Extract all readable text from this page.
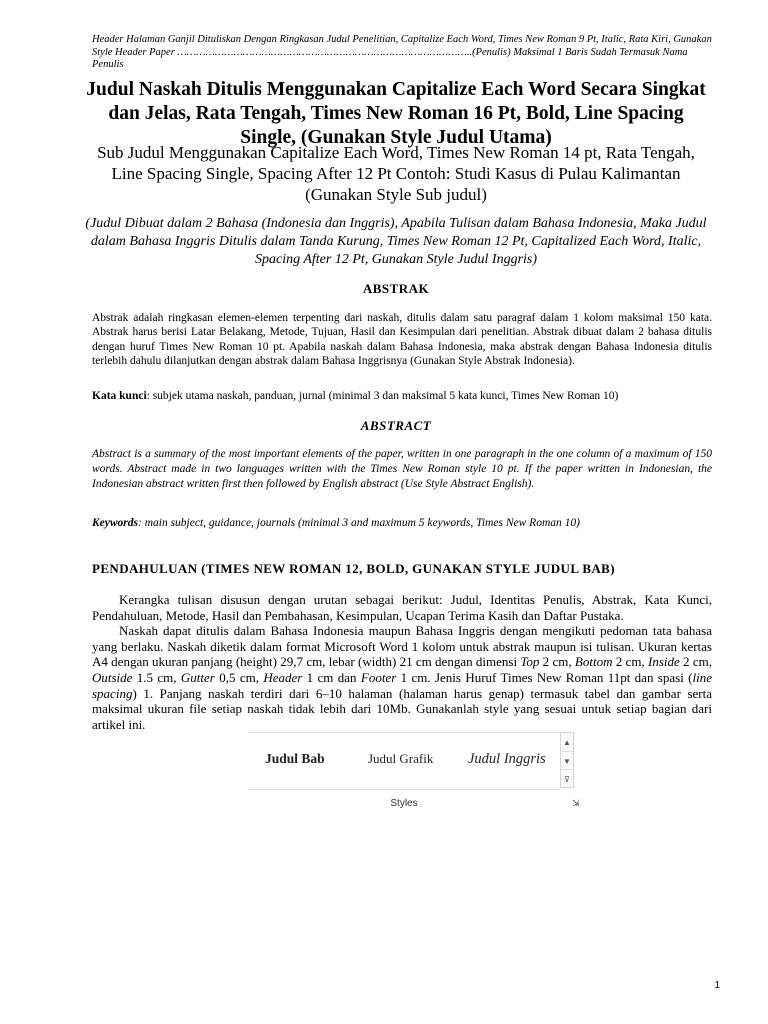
Header Halaman Ganjil Dituliskan Dengan Ringkasan Judul Penelitian, Capitalize Each Word, Times New Roman 9 Pt, Italic, Rata Kiri, Gunakan Style Header Paper …………………………………………………………………………………..(Penulis) Maksimal 1 Baris Sudah Termasuk Nama Penulis
Judul Naskah Ditulis Menggunakan Capitalize Each Word Secara Singkat dan Jelas, Rata Tengah, Times New Roman 16 Pt, Bold, Line Spacing Single, (Gunakan Style Judul Utama)
Sub Judul Menggunakan Capitalize Each Word, Times New Roman 14 pt, Rata Tengah, Line Spacing Single, Spacing After 12 Pt Contoh: Studi Kasus di Pulau Kalimantan (Gunakan Style Sub judul)
(Judul Dibuat dalam 2 Bahasa (Indonesia dan Inggris), Apabila Tulisan dalam Bahasa Indonesia, Maka Judul dalam Bahasa Inggris Ditulis dalam Tanda Kurung, Times New Roman 12 Pt, Capitalized Each Word, Italic, Spacing After 12 Pt, Gunakan Style Judul Inggris)
ABSTRAK
Abstrak adalah ringkasan elemen-elemen terpenting dari naskah, ditulis dalam satu paragraf dalam 1 kolom maksimal 150 kata. Abstrak harus berisi Latar Belakang, Metode, Tujuan, Hasil dan Kesimpulan dari penelitian. Abstrak dibuat dalam 2 bahasa ditulis dengan huruf Times New Roman 10 pt. Apabila naskah dalam Bahasa Indonesia, maka abstrak dengan Bahasa Indonesia ditulis terlebih dahulu dilanjutkan dengan abstrak dalam Bahasa Inggrisnya (Gunakan Style Abstrak Indonesia).
Kata kunci: subjek utama naskah, panduan, jurnal (minimal 3 dan maksimal 5 kata kunci, Times New Roman 10)
ABSTRACT
Abstract is a summary of the most important elements of the paper, written in one paragraph in the one column of a maximum of 150 words. Abstract made in two languages written with the Times New Roman style 10 pt. If the paper written in Indonesian, the Indonesian abstract written first then followed by English abstract (Use Style Abstract English).
Keywords: main subject, guidance, journals (minimal 3 and maximum 5 keywords, Times New Roman 10)
PENDAHULUAN (TIMES NEW ROMAN 12, BOLD, GUNAKAN STYLE JUDUL BAB)

Kerangka tulisan disusun dengan urutan sebagai berikut: Judul, Identitas Penulis, Abstrak, Kata Kunci, Pendahuluan, Metode, Hasil dan Pembahasan, Kesimpulan, Ucapan Terima Kasih dan Daftar Pustaka.

Naskah dapat ditulis dalam Bahasa Indonesia maupun Bahasa Inggris dengan mengikuti pedoman tata bahasa yang berlaku. Naskah diketik dalam format Microsoft Word 1 kolom untuk abstrak maupun isi tulisan. Ukuran kertas A4 dengan ukuran panjang (height) 29,7 cm, lebar (width) 21 cm dengan dimensi Top 2 cm, Bottom 2 cm, Inside 2 cm, Outside 1.5 cm, Gutter 0,5 cm, Header 1 cm dan Footer 1 cm. Jenis Huruf Times New Roman 11pt dan spasi (line spacing) 1. Panjang naskah terdiri dari 6–10 halaman (halaman harus genap) termasuk tabel dan gambar serta maksimal ukuran file setiap naskah tidak lebih dari 10Mb. Gunakanlah style yang sesuai untuk setiap bagian dari artikel ini.

Judul Bab	Judul Grafik Judul Inggris
▲
▼
⊽
Styles	⇲
1
